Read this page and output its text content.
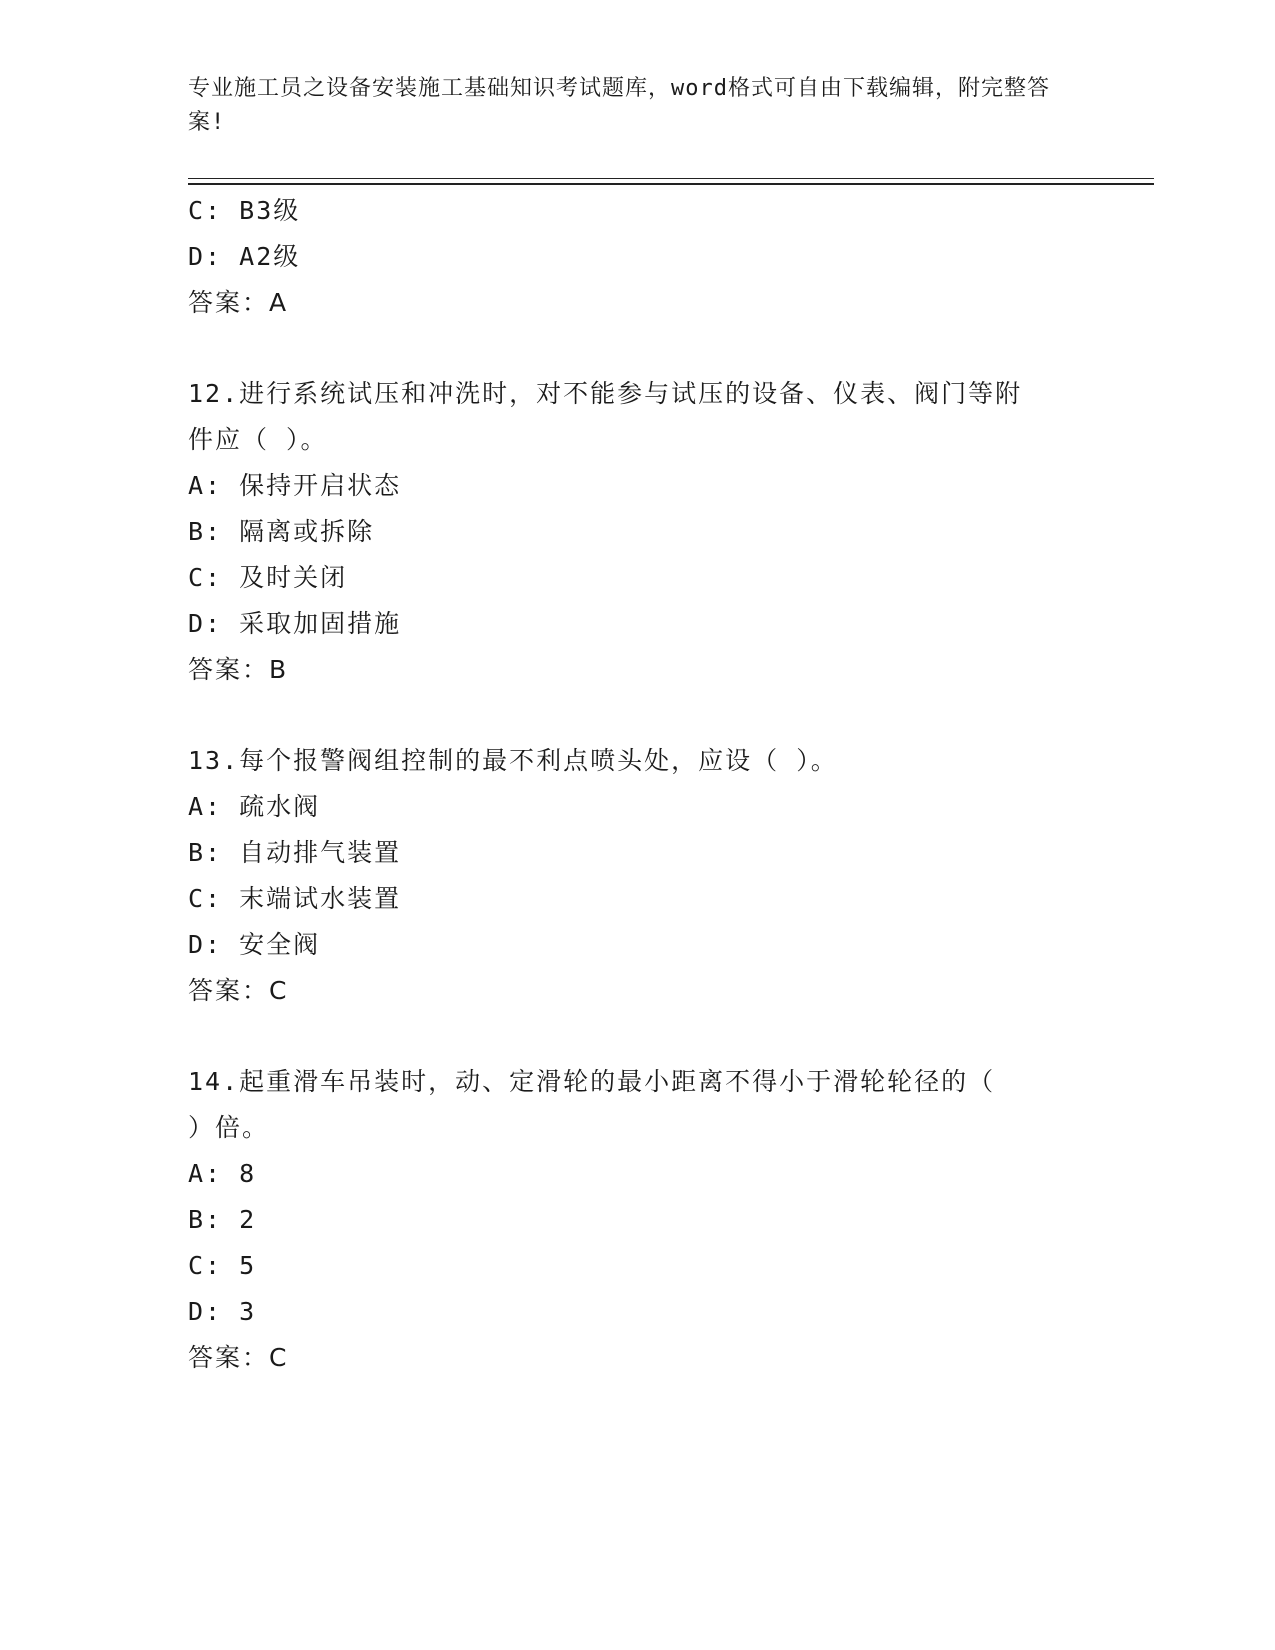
专业施工员之设备安装施工基础知识考试题库，word格式可自由下载编辑，附完整答案!
C: B3级
D: A2级
答案：A
12.进行系统试压和冲洗时，对不能参与试压的设备、仪表、阀门等附
件应（ ）。
A: 保持开启状态
B: 隔离或拆除
C: 及时关闭
D: 采取加固措施
答案：B
13.每个报警阀组控制的最不利点喷头处，应设（ ）。
A: 疏水阀
B: 自动排气装置
C: 末端试水装置
D: 安全阀
答案：C
14.起重滑车吊装时，动、定滑轮的最小距离不得小于滑轮轮径的（
）倍。
A: 8
B: 2
C: 5
D: 3
答案：C
